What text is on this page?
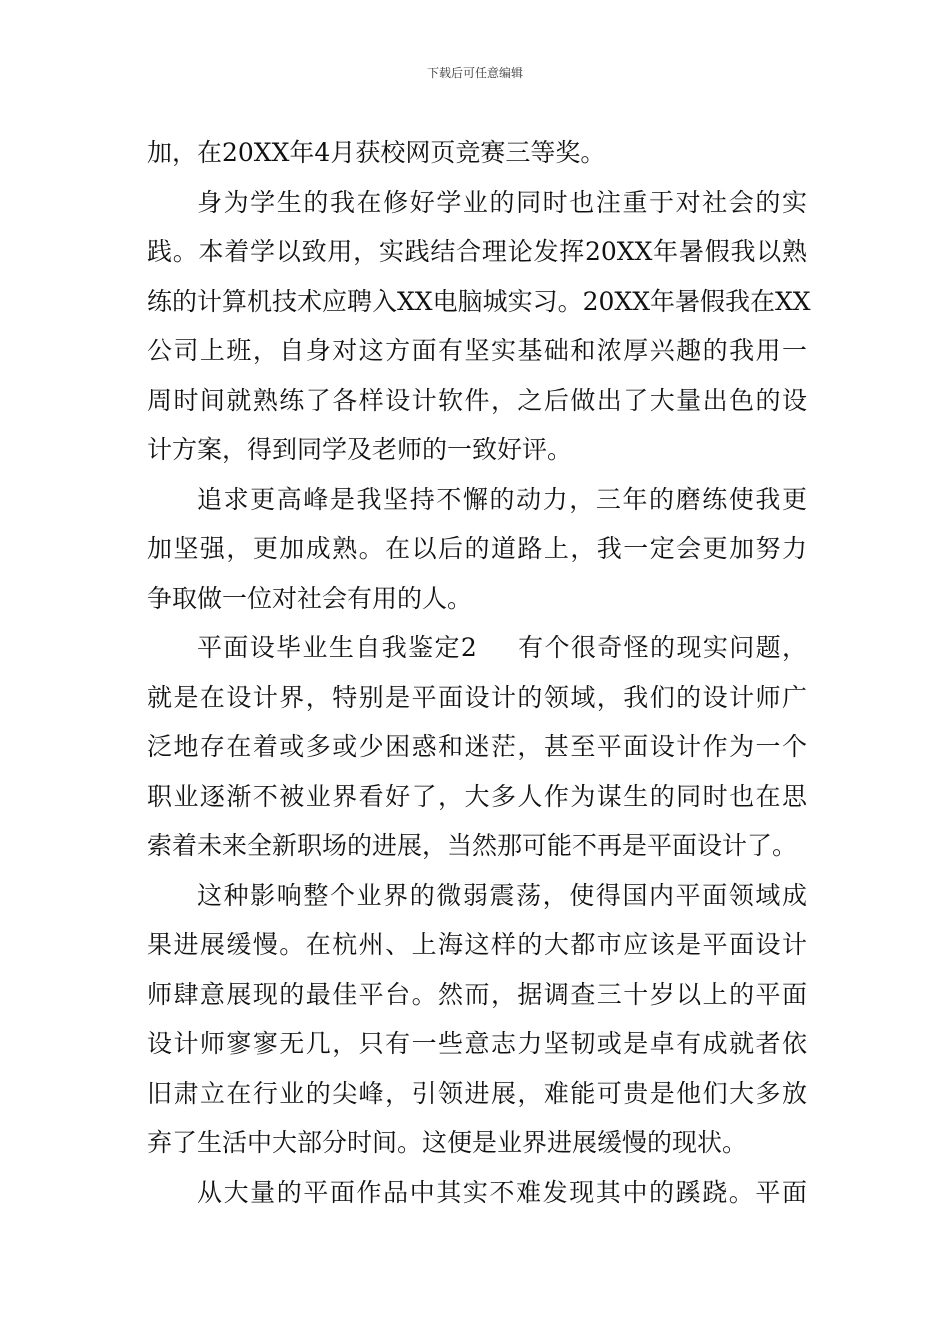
下载后可任意编辑
加，在20XX年4月获校网页竞赛三等奖。
身为学生的我在修好学业的同时也注重于对社会的实
践。本着学以致用，实践结合理论发挥20XX年暑假我以熟
练的计算机技术应聘入XX电脑城实习。20XX年暑假我在XX
公司上班，自身对这方面有坚实基础和浓厚兴趣的我用一
周时间就熟练了各样设计软件，之后做出了大量出色的设
计方案，得到同学及老师的一致好评。
追求更高峰是我坚持不懈的动力，三年的磨练使我更
加坚强，更加成熟。在以后的道路上，我一定会更加努力
争取做一位对社会有用的人。
平面设毕业生自我鉴定2 有个很奇怪的现实问题，
就是在设计界，特别是平面设计的领域，我们的设计师广
泛地存在着或多或少困惑和迷茫，甚至平面设计作为一个
职业逐渐不被业界看好了，大多人作为谋生的同时也在思
索着未来全新职场的进展，当然那可能不再是平面设计了。
这种影响整个业界的微弱震荡，使得国内平面领域成
果进展缓慢。在杭州、上海这样的大都市应该是平面设计
师肆意展现的最佳平台。然而，据调查三十岁以上的平面
设计师寥寥无几，只有一些意志力坚韧或是卓有成就者依
旧肃立在行业的尖峰，引领进展，难能可贵是他们大多放
弃了生活中大部分时间。这便是业界进展缓慢的现状。
从大量的平面作品中其实不难发现其中的蹊跷。平面
